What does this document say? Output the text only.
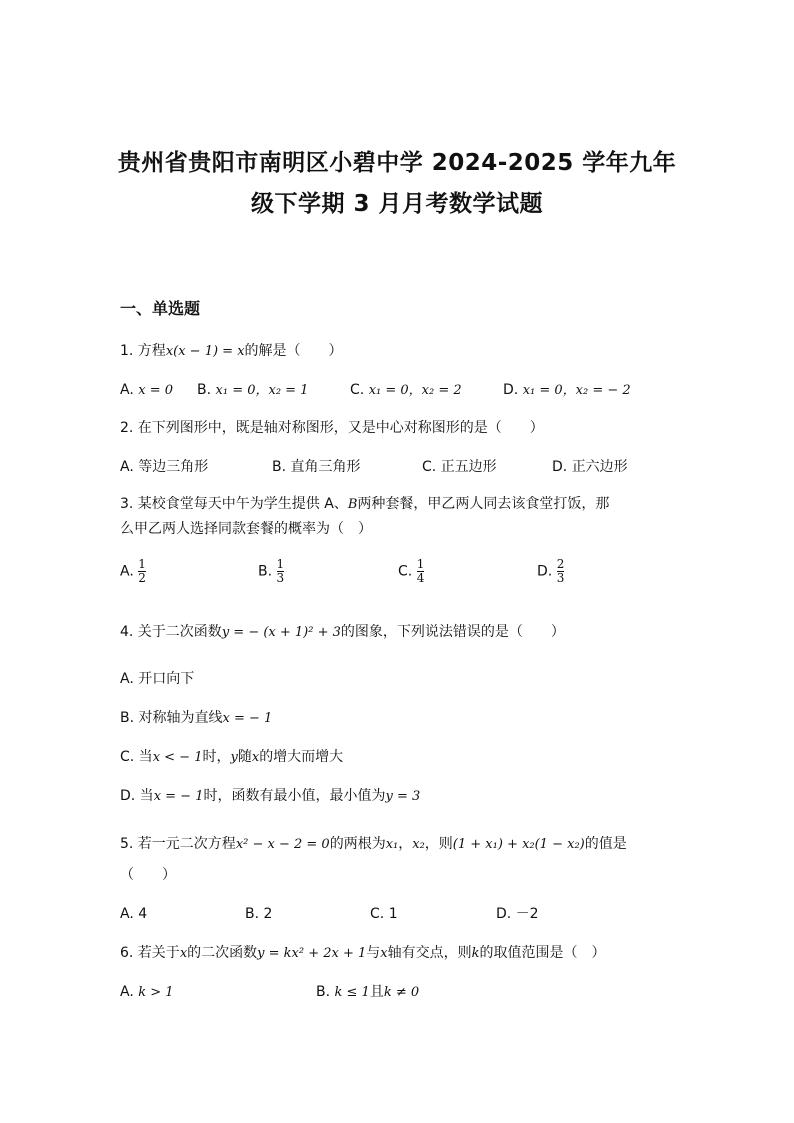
贵州省贵阳市南明区小碧中学 2024-2025 学年九年
级下学期 3 月月考数学试题
一、单选题
1. 方程x(x − 1) = x的解是（　　）
A. x = 0 B. x₁ = 0，x₂ = 1	C. x₁ = 0，x₂ = 2	D. x₁ = 0，x₂ = − 2
2. 在下列图形中，既是轴对称图形，又是中心对称图形的是（　　）
A. 等边三角形	B. 直角三角形	C. 正五边形	D. 正六边形
3. 某校食堂每天中午为学生提供 A、B两种套餐，甲乙两人同去该食堂打饭，那
么甲乙两人选择同款套餐的概率为（　）
A. $\frac{1}{2}$	B. $\frac{1}{3}$	C. $\frac{1}{4}$	D. $\frac{2}{3}$
4. 关于二次函数y = − (x + 1)² + 3的图象，下列说法错误的是（　　）
A. 开口向下
B. 对称轴为直线x = − 1
C. 当x < − 1时，y随x的增大而增大
D. 当x = − 1时，函数有最小值，最小值为y = 3
5. 若一元二次方程x² − x − 2 = 0的两根为x₁，x₂，则(1 + x₁) + x₂(1 − x₂)的值是
（　　）
A. 4	B. 2	C. 1	D. －2
6. 若关于x的二次函数y = kx² + 2x + 1与x轴有交点，则k的取值范围是（　）
A. k > 1	B. k ≤ 1且k ≠ 0
